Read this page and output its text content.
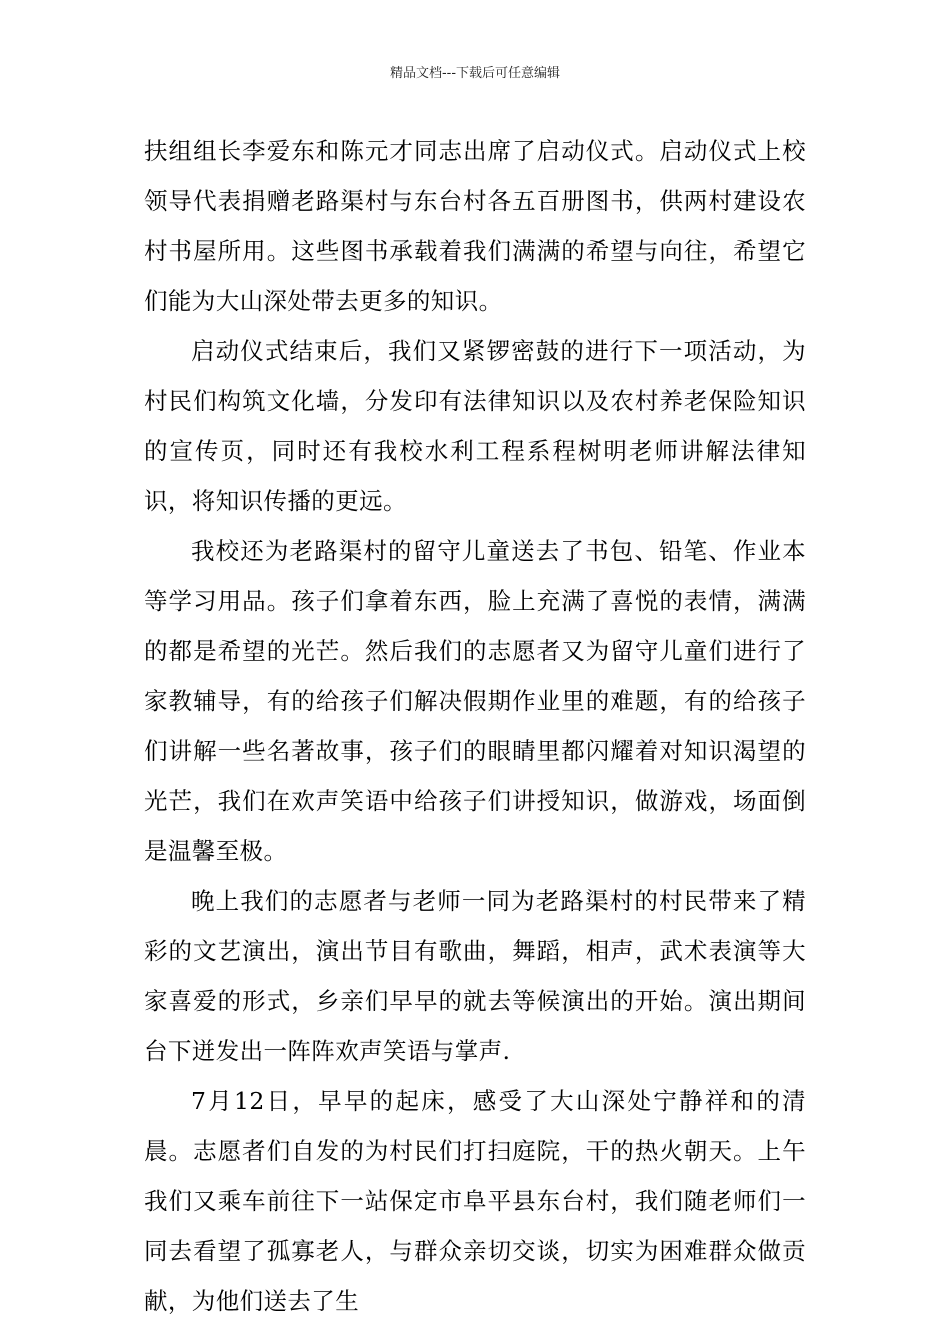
精品文档---下载后可任意编辑

扶组组长李爱东和陈元才同志出席了启动仪式。启动仪式上校领导代表捐赠老路渠村与东台村各五百册图书，供两村建设农村书屋所用。这些图书承载着我们满满的希望与向往，希望它们能为大山深处带去更多的知识。

启动仪式结束后，我们又紧锣密鼓的进行下一项活动，为村民们构筑文化墙，分发印有法律知识以及农村养老保险知识的宣传页，同时还有我校水利工程系程树明老师讲解法律知识，将知识传播的更远。

我校还为老路渠村的留守儿童送去了书包、铅笔、作业本等学习用品。孩子们拿着东西，脸上充满了喜悦的表情，满满的都是希望的光芒。然后我们的志愿者又为留守儿童们进行了家教辅导，有的给孩子们解决假期作业里的难题，有的给孩子们讲解一些名著故事，孩子们的眼睛里都闪耀着对知识渴望的光芒，我们在欢声笑语中给孩子们讲授知识，做游戏，场面倒是温馨至极。

晚上我们的志愿者与老师一同为老路渠村的村民带来了精彩的文艺演出，演出节目有歌曲，舞蹈，相声，武术表演等大家喜爱的形式，乡亲们早早的就去等候演出的开始。演出期间台下迸发出一阵阵欢声笑语与掌声.

7月12日，早早的起床，感受了大山深处宁静祥和的清晨。志愿者们自发的为村民们打扫庭院，干的热火朝天。上午我们又乘车前往下一站保定市阜平县东台村，我们随老师们一同去看望了孤寡老人，与群众亲切交谈，切实为困难群众做贡献，为他们送去了生
